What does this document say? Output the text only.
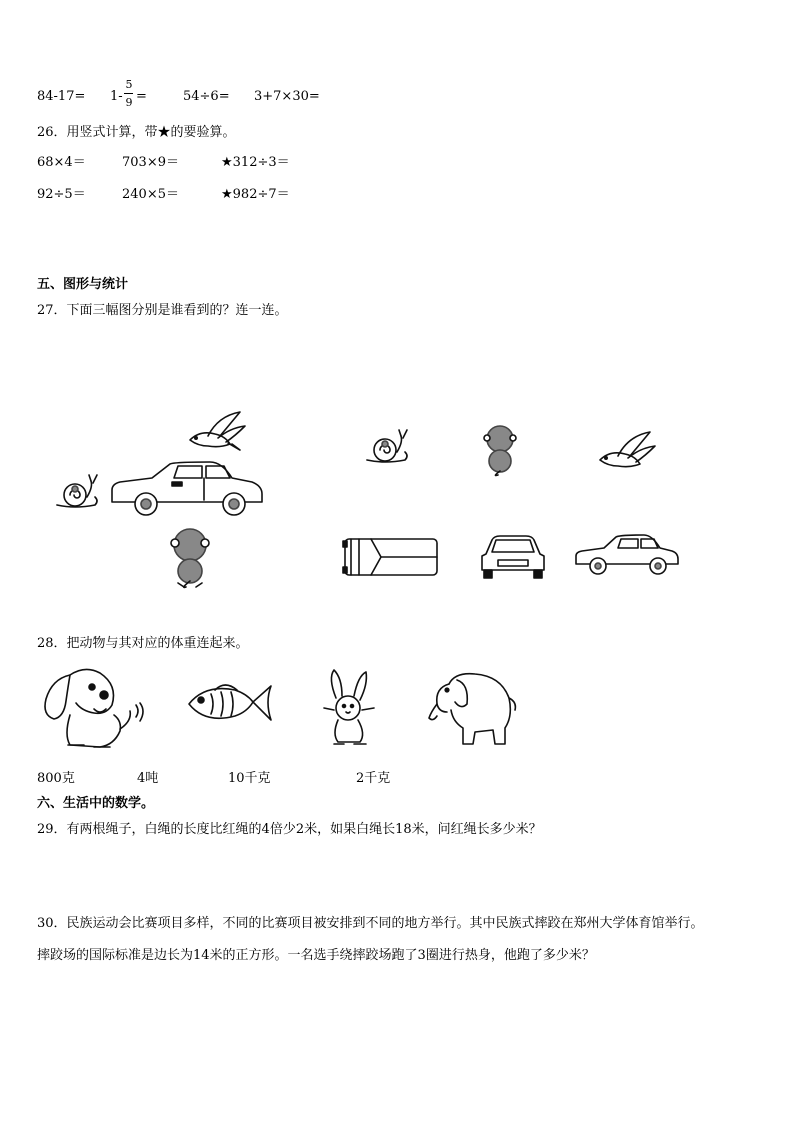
84-17= 1-
5
9 =	54÷6= 3+7×30=
26．用竖式计算，带★的要验算。
68×4＝	703×9＝	★312÷3＝
92÷5＝	240×5＝	★982÷7＝
五、图形与统计
27．下面三幅图分别是谁看到的？连一连。
28．把动物与其对应的体重连起来。
800克	4吨	10千克	2千克
六、生活中的数学。
29．有两根绳子，白绳的长度比红绳的4倍少2米，如果白绳长18米，问红绳长多少米？
30．民族运动会比赛项目多样，不同的比赛项目被安排到不同的地方举行。其中民族式摔跤在郑州大学体育馆举行。
摔跤场的国际标准是边长为14米的正方形。一名选手绕摔跤场跑了3圈进行热身，他跑了多少米？
